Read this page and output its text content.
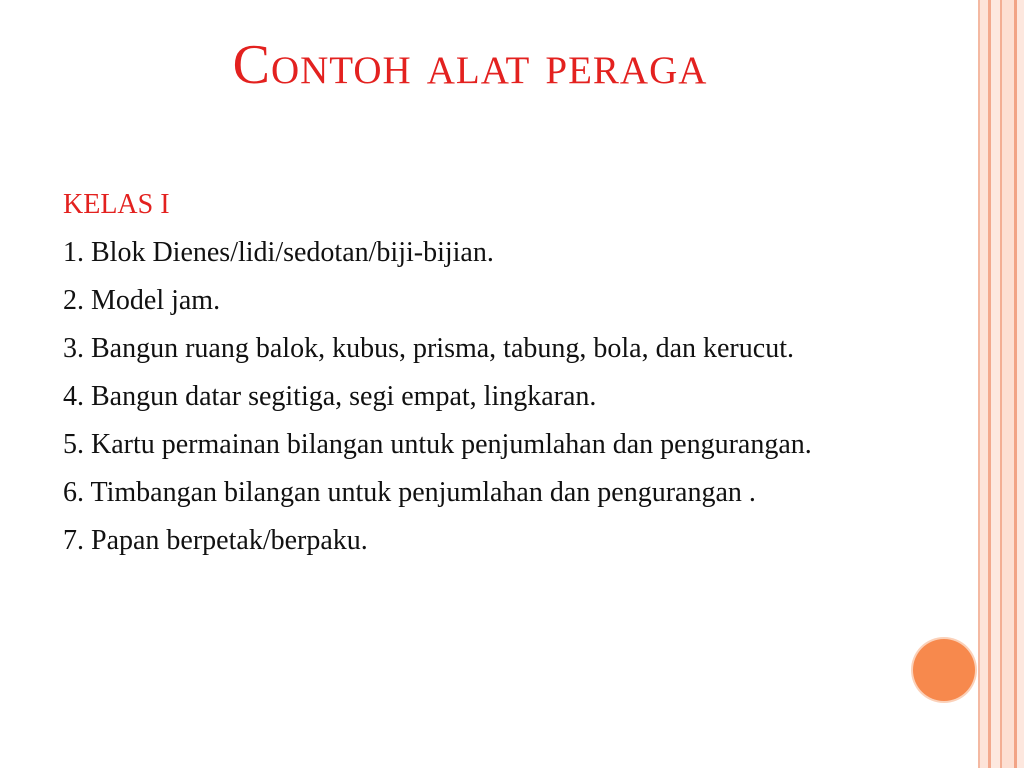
Contoh alat peraga
KELAS I
1. Blok Dienes/lidi/sedotan/biji-bijian.
2. Model jam.
3. Bangun ruang balok, kubus, prisma, tabung, bola, dan kerucut.
4. Bangun datar segitiga, segi empat, lingkaran.
5. Kartu permainan bilangan untuk penjumlahan dan pengurangan.
6. Timbangan bilangan untuk penjumlahan dan pengurangan .
7. Papan berpetak/berpaku.
